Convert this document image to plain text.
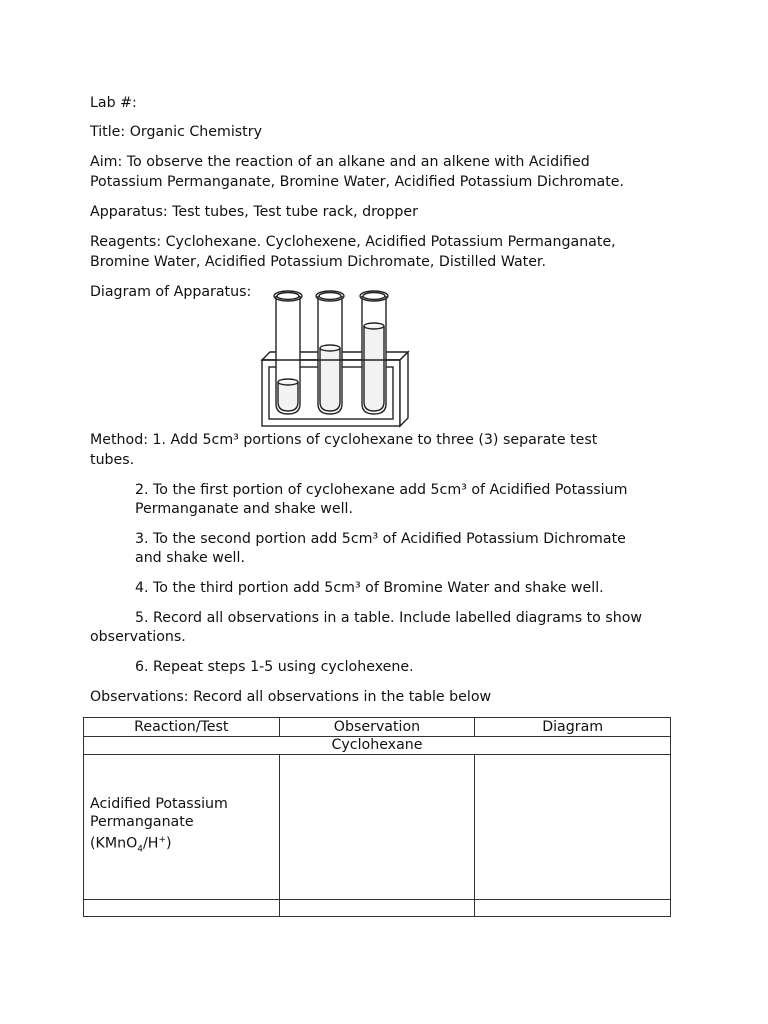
Lab #:
Title: Organic Chemistry
Aim: To observe the reaction of an alkane and an alkene with Acidified
Potassium Permanganate, Bromine Water, Acidified Potassium Dichromate.
Apparatus: Test tubes, Test tube rack, dropper
Reagents: Cyclohexane. Cyclohexene, Acidified Potassium Permanganate,
Bromine Water, Acidified Potassium Dichromate, Distilled Water.
Diagram of Apparatus:
Method: 1. Add 5cm³ portions of cyclohexane to three (3) separate test
tubes.
2. To the first portion of cyclohexane add 5cm³ of Acidified Potassium
Permanganate and shake well.
3. To the second portion add 5cm³ of Acidified Potassium Dichromate
and shake well.
4. To the third portion add 5cm³ of Bromine Water and shake well.
5. Record all observations in a table. Include labelled diagrams to show
observations.
6. Repeat steps 1-5 using cyclohexene.
Observations: Record all observations in the table below
Reaction/Test	Observation	Diagram
Cyclohexane		

Acidified Potassium
Permanganate
(KMnO$_4$/H+)		
